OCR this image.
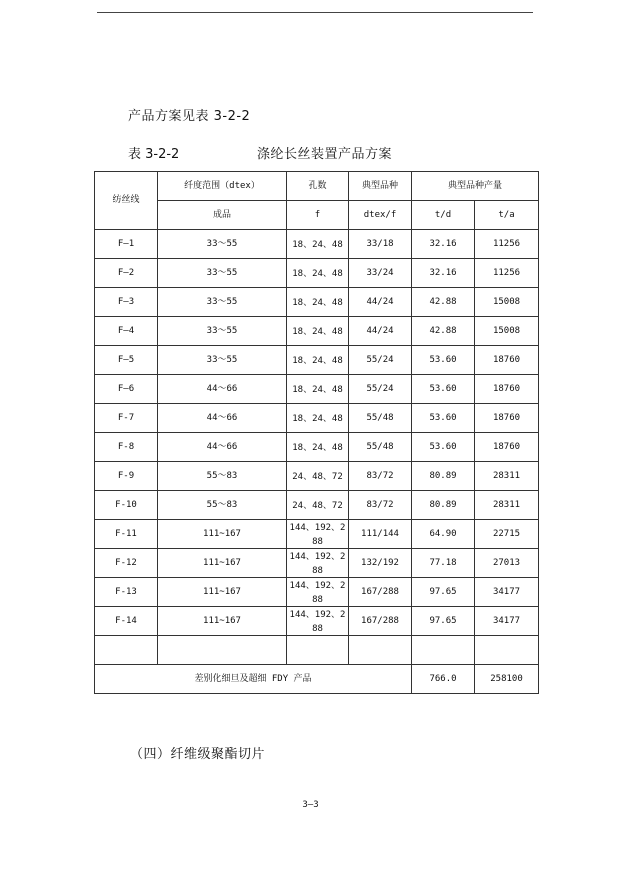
产品方案见表 3-2-2
表 3-2-2	涤纶长丝装置产品方案
纺丝线	纤度范围（dtex）	孔数	典型品种	典型品种产量	
	成品	f	dtex/f	t/d	t/a
F—1	33～55	18、24、48	33/18	32.16	11256
F—2	33～55	18、24、48	33/24	32.16	11256
F—3	33～55	18、24、48	44/24	42.88	15008
F—4	33～55	18、24、48	44/24	42.88	15008
F—5	33～55	18、24、48	55/24	53.60	18760
F—6	44～66	18、24、48	55/24	53.60	18760
F-7	44～66	18、24、48	55/48	53.60	18760
F-8	44～66	18、24、48	55/48	53.60	18760
F-9	55～83	24、48、72	83/72	80.89	28311
F-10	55～83	24、48、72	83/72	80.89	28311
F-11	111~167	144、192、288	111/144	64.90	22715
F-12	111~167	144、192、288	132/192	77.18	27013
F-13	111~167	144、192、288	167/288	97.65	34177
F-14	111~167	144、192、288	167/288	97.65	34177

差别化细旦及超细 FDY 产品				766.0	258100
（四）纤维级聚酯切片
3—3
